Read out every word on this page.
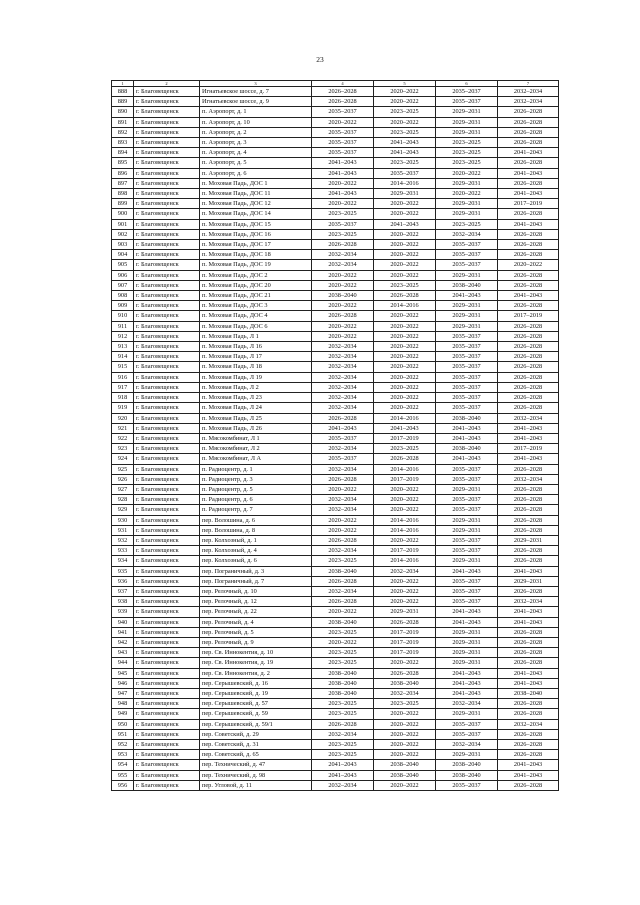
23
1	2	3	4	5	6	7
888	г. Благовещенск	Игнатьевское шоссе, д. 7	2026–2028	2020–2022	2035–2037	2032–2034
889	г. Благовещенск	Игнатьевское шоссе, д. 9	2026–2028	2020–2022	2035–2037	2032–2034
890	г. Благовещенск	п. Аэропорт, д. 1	2035–2037	2023–2025	2029–2031	2026–2028
891	г. Благовещенск	п. Аэропорт, д. 10	2020–2022	2020–2022	2029–2031	2026–2028
892	г. Благовещенск	п. Аэропорт, д. 2	2035–2037	2023–2025	2029–2031	2026–2028
893	г. Благовещенск	п. Аэропорт, д. 3	2035–2037	2041–2043	2023–2025	2026–2028
894	г. Благовещенск	п. Аэропорт, д. 4	2035–2037	2041–2043	2023–2025	2041–2043
895	г. Благовещенск	п. Аэропорт, д. 5	2041–2043	2023–2025	2023–2025	2026–2028
896	г. Благовещенск	п. Аэропорт, д. 6	2041–2043	2035–2037	2020–2022	2041–2043
897	г. Благовещенск	п. Моховая Падь, ДОС 1	2020–2022	2014–2016	2029–2031	2026–2028
898	г. Благовещенск	п. Моховая Падь, ДОС 11	2041–2043	2029–2031	2020–2022	2041–2043
899	г. Благовещенск	п. Моховая Падь, ДОС 12	2020–2022	2020–2022	2029–2031	2017–2019
900	г. Благовещенск	п. Моховая Падь, ДОС 14	2023–2025	2020–2022	2029–2031	2026–2028
901	г. Благовещенск	п. Моховая Падь, ДОС 15	2035–2037	2041–2043	2023–2025	2041–2043
902	г. Благовещенск	п. Моховая Падь, ДОС 16	2023–2025	2020–2022	2032–2034	2026–2028
903	г. Благовещенск	п. Моховая Падь, ДОС 17	2026–2028	2020–2022	2035–2037	2026–2028
904	г. Благовещенск	п. Моховая Падь, ДОС 18	2032–2034	2020–2022	2035–2037	2026–2028
905	г. Благовещенск	п. Моховая Падь, ДОС 19	2032–2034	2020–2022	2035–2037	2020–2022
906	г. Благовещенск	п. Моховая Падь, ДОС 2	2020–2022	2020–2022	2029–2031	2026–2028
907	г. Благовещенск	п. Моховая Падь, ДОС 20	2020–2022	2023–2025	2038–2040	2026–2028
908	г. Благовещенск	п. Моховая Падь, ДОС 21	2038–2040	2026–2028	2041–2043	2041–2043
909	г. Благовещенск	п. Моховая Падь, ДОС 3	2020–2022	2014–2016	2029–2031	2026–2028
910	г. Благовещенск	п. Моховая Падь, ДОС 4	2026–2028	2020–2022	2029–2031	2017–2019
911	г. Благовещенск	п. Моховая Падь, ДОС 6	2020–2022	2020–2022	2029–2031	2026–2028
912	г. Благовещенск	п. Моховая Падь, Л 1	2020–2022	2020–2022	2035–2037	2026–2028
913	г. Благовещенск	п. Моховая Падь, Л 16	2032–2034	2020–2022	2035–2037	2026–2028
914	г. Благовещенск	п. Моховая Падь, Л 17	2032–2034	2020–2022	2035–2037	2026–2028
915	г. Благовещенск	п. Моховая Падь, Л 18	2032–2034	2020–2022	2035–2037	2026–2028
916	г. Благовещенск	п. Моховая Падь, Л 19	2032–2034	2020–2022	2035–2037	2026–2028
917	г. Благовещенск	п. Моховая Падь, Л 2	2032–2034	2020–2022	2035–2037	2026–2028
918	г. Благовещенск	п. Моховая Падь, Л 23	2032–2034	2020–2022	2035–2037	2026–2028
919	г. Благовещенск	п. Моховая Падь, Л 24	2032–2034	2020–2022	2035–2037	2026–2028
920	г. Благовещенск	п. Моховая Падь, Л 25	2026–2028	2014–2016	2038–2040	2032–2034
921	г. Благовещенск	п. Моховая Падь, Л 26	2041–2043	2041–2043	2041–2043	2041–2043
922	г. Благовещенск	п. Мясокомбинат, Л 1	2035–2037	2017–2019	2041–2043	2041–2043
923	г. Благовещенск	п. Мясокомбинат, Л 2	2032–2034	2023–2025	2038–2040	2017–2019
924	г. Благовещенск	п. Мясокомбинат, Л А	2035–2037	2026–2028	2041–2043	2041–2043
925	г. Благовещенск	п. Радиоцентр, д. 1	2032–2034	2014–2016	2035–2037	2026–2028
926	г. Благовещенск	п. Радиоцентр, д. 3	2026–2028	2017–2019	2035–2037	2032–2034
927	г. Благовещенск	п. Радиоцентр, д. 5	2020–2022	2020–2022	2029–2031	2026–2028
928	г. Благовещенск	п. Радиоцентр, д. 6	2032–2034	2020–2022	2035–2037	2026–2028
929	г. Благовещенск	п. Радиоцентр, д. 7	2032–2034	2020–2022	2035–2037	2026–2028
930	г. Благовещенск	пер. Волошина, д. 6	2020–2022	2014–2016	2029–2031	2026–2028
931	г. Благовещенск	пер. Волошина, д. 8	2020–2022	2014–2016	2029–2031	2026–2028
932	г. Благовещенск	пер. Колхозный, д. 1	2026–2028	2020–2022	2035–2037	2029–2031
933	г. Благовещенск	пер. Колхозный, д. 4	2032–2034	2017–2019	2035–2037	2026–2028
934	г. Благовещенск	пер. Колхозный, д. 6	2023–2025	2014–2016	2029–2031	2026–2028
935	г. Благовещенск	пер. Пограничный, д. 3	2038–2040	2032–2034	2041–2043	2041–2043
936	г. Благовещенск	пер. Пограничный, д. 7	2026–2028	2020–2022	2035–2037	2029–2031
937	г. Благовещенск	пер. Релочный, д. 10	2032–2034	2020–2022	2035–2037	2026–2028
938	г. Благовещенск	пер. Релочный, д. 12	2026–2028	2020–2022	2035–2037	2032–2034
939	г. Благовещенск	пер. Релочный, д. 22	2020–2022	2029–2031	2041–2043	2041–2043
940	г. Благовещенск	пер. Релочный, д. 4	2038–2040	2026–2028	2041–2043	2041–2043
941	г. Благовещенск	пер. Релочный, д. 5	2023–2025	2017–2019	2029–2031	2026–2028
942	г. Благовещенск	пер. Релочный, д. 9	2020–2022	2017–2019	2029–2031	2026–2028
943	г. Благовещенск	пер. Св. Иннокентия, д. 10	2023–2025	2017–2019	2029–2031	2026–2028
944	г. Благовещенск	пер. Св. Иннокентия, д. 19	2023–2025	2020–2022	2029–2031	2026–2028
945	г. Благовещенск	пер. Св. Иннокентия, д. 2	2038–2040	2026–2028	2041–2043	2041–2043
946	г. Благовещенск	пер. Серышевский, д. 16	2038–2040	2038–2040	2041–2043	2041–2043
947	г. Благовещенск	пер. Серышевский, д. 19	2038–2040	2032–2034	2041–2043	2038–2040
948	г. Благовещенск	пер. Серышевский, д. 57	2023–2025	2023–2025	2032–2034	2026–2028
949	г. Благовещенск	пер. Серышевский, д. 59	2023–2025	2020–2022	2029–2031	2026–2028
950	г. Благовещенск	пер. Серышевский, д. 59/1	2026–2028	2020–2022	2035–2037	2032–2034
951	г. Благовещенск	пер. Советский, д. 29	2032–2034	2020–2022	2035–2037	2026–2028
952	г. Благовещенск	пер. Советский, д. 31	2023–2025	2020–2022	2032–2034	2026–2028
953	г. Благовещенск	пер. Советский, д. 65	2023–2025	2020–2022	2029–2031	2026–2028
954	г. Благовещенск	пер. Технический, д. 47	2041–2043	2038–2040	2038–2040	2041–2043
955	г. Благовещенск	пер. Технический, д. 98	2041–2043	2038–2040	2038–2040	2041–2043
956	г. Благовещенск	пер. Угловой, д. 11	2032–2034	2020–2022	2035–2037	2026–2028
